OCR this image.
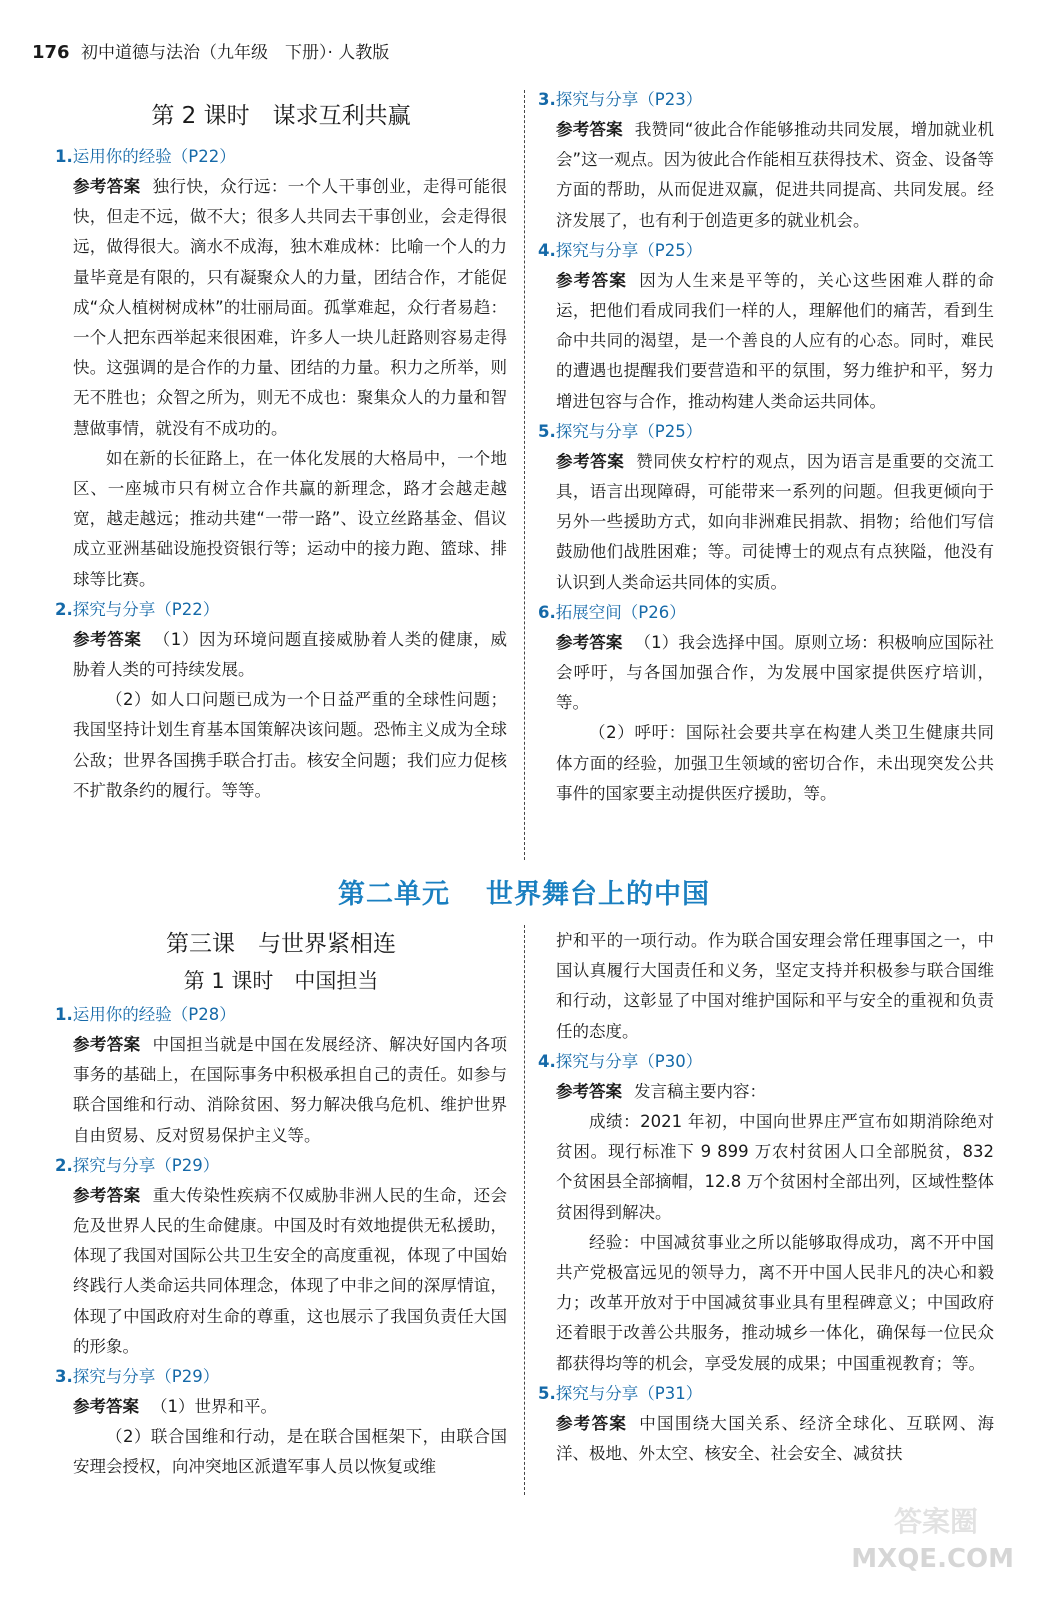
176 初中道德与法治（九年级　下册）· 人教版

第 2 课时　谋求互利共赢

1.运用你的经验（P22）

参考答案 独行快，众行远：一个人干事创业，走得可能很快，但走不远，做不大；很多人共同去干事创业，会走得很远，做得很大。滴水不成海，独木难成林：比喻一个人的力量毕竟是有限的，只有凝聚众人的力量，团结合作，才能促成“众人植树树成林”的壮丽局面。孤掌难起，众行者易趋：一个人把东西举起来很困难，许多人一块儿赶路则容易走得快。这强调的是合作的力量、团结的力量。积力之所举，则无不胜也；众智之所为，则无不成也：聚集众人的力量和智慧做事情，就没有不成功的。

如在新的长征路上，在一体化发展的大格局中，一个地区、一座城市只有树立合作共赢的新理念，路才会越走越宽，越走越远；推动共建“一带一路”、设立丝路基金、倡议成立亚洲基础设施投资银行等；运动中的接力跑、篮球、排球等比赛。

2.探究与分享（P22）

参考答案 （1）因为环境问题直接威胁着人类的健康，威胁着人类的可持续发展。

（2）如人口问题已成为一个日益严重的全球性问题；我国坚持计划生育基本国策解决该问题。恐怖主义成为全球公敌；世界各国携手联合打击。核安全问题；我们应力促核不扩散条约的履行。等等。

3.探究与分享（P23）

参考答案 我赞同“彼此合作能够推动共同发展，增加就业机会”这一观点。因为彼此合作能相互获得技术、资金、设备等方面的帮助，从而促进双赢，促进共同提高、共同发展。经济发展了，也有利于创造更多的就业机会。

4.探究与分享（P25）

参考答案 因为人生来是平等的，关心这些困难人群的命运，把他们看成同我们一样的人，理解他们的痛苦，看到生命中共同的渴望，是一个善良的人应有的心态。同时，难民的遭遇也提醒我们要营造和平的氛围，努力维护和平，努力增进包容与合作，推动构建人类命运共同体。

5.探究与分享（P25）

参考答案 赞同侠女柠柠的观点，因为语言是重要的交流工具，语言出现障碍，可能带来一系列的问题。但我更倾向于另外一些援助方式，如向非洲难民捐款、捐物；给他们写信鼓励他们战胜困难；等。司徒博士的观点有点狭隘，他没有认识到人类命运共同体的实质。

6.拓展空间（P26）

参考答案 （1）我会选择中国。原则立场：积极响应国际社会呼吁，与各国加强合作，为发展中国家提供医疗培训，等。

（2）呼吁：国际社会要共享在构建人类卫生健康共同体方面的经验，加强卫生领域的密切合作，未出现突发公共事件的国家要主动提供医疗援助，等。

第二单元 世界舞台上的中国

第三课　与世界紧相连

第 1 课时　中国担当

1.运用你的经验（P28）

参考答案 中国担当就是中国在发展经济、解决好国内各项事务的基础上，在国际事务中积极承担自己的责任。如参与联合国维和行动、消除贫困、努力解决俄乌危机、维护世界自由贸易、反对贸易保护主义等。

2.探究与分享（P29）

参考答案 重大传染性疾病不仅威胁非洲人民的生命，还会危及世界人民的生命健康。中国及时有效地提供无私援助，体现了我国对国际公共卫生安全的高度重视，体现了中国始终践行人类命运共同体理念，体现了中非之间的深厚情谊，体现了中国政府对生命的尊重，这也展示了我国负责任大国的形象。

3.探究与分享（P29）

参考答案 （1）世界和平。

（2）联合国维和行动，是在联合国框架下，由联合国安理会授权，向冲突地区派遣军事人员以恢复或维

护和平的一项行动。作为联合国安理会常任理事国之一，中国认真履行大国责任和义务，坚定支持并积极参与联合国维和行动，这彰显了中国对维护国际和平与安全的重视和负责任的态度。

4.探究与分享（P30）

参考答案 发言稿主要内容：

成绩：2021 年初，中国向世界庄严宣布如期消除绝对贫困。现行标准下 9 899 万农村贫困人口全部脱贫，832 个贫困县全部摘帽，12.8 万个贫困村全部出列，区域性整体贫困得到解决。

经验：中国减贫事业之所以能够取得成功，离不开中国共产党极富远见的领导力，离不开中国人民非凡的决心和毅力；改革开放对于中国减贫事业具有里程碑意义；中国政府还着眼于改善公共服务，推动城乡一体化，确保每一位民众都获得均等的机会，享受发展的成果；中国重视教育；等。

5.探究与分享（P31）

参考答案 中国围绕大国关系、经济全球化、互联网、海洋、极地、外太空、核安全、社会安全、减贫扶

答案圈
MXQE.COM
